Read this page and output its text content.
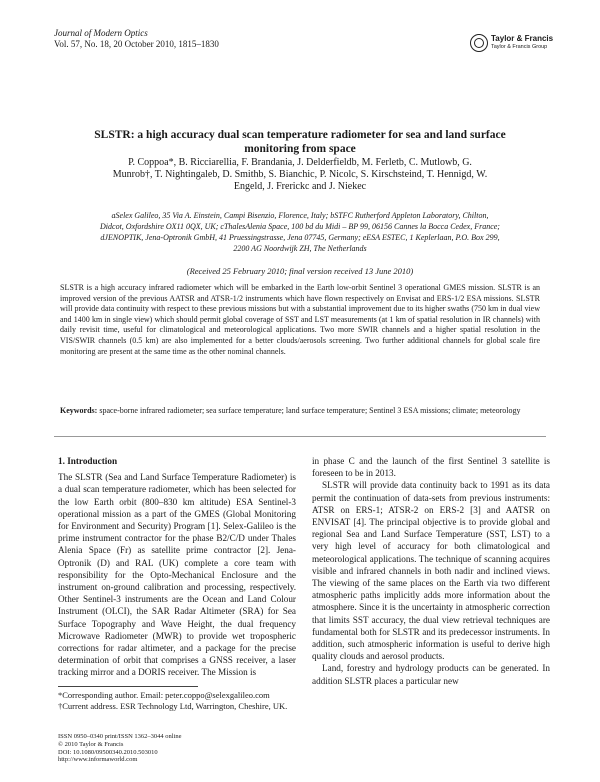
Journal of Modern Optics
Vol. 57, No. 18, 20 October 2010, 1815–1830
Taylor & Francis
Taylor & Francis Group
SLSTR: a high accuracy dual scan temperature radiometer for sea and land surface monitoring from space
P. Coppoa*, B. Ricciarellia, F. Brandania, J. Delderfieldb, M. Ferletb, C. Mutlowb, G. Munrob†, T. Nightingaleb, D. Smithb, S. Bianchic, P. Nicolc, S. Kirschsteind, T. Hennigd, W. Engeld, J. Frerickc and J. Niekec
aSelex Galileo, 35 Via A. Einstein, Campi Bisenzio, Florence, Italy; bSTFC Rutherford Appleton Laboratory, Chilton, Didcot, Oxfordshire OX11 0QX, UK; cThalesAlenia Space, 100 bd du Midi – BP 99, 06156 Cannes la Bocca Cedex, France; dJENOPTIK, Jena-Optronik GmbH, 41 Pruessingstrasse, Jena 07745, Germany; eESA ESTEC, 1 Keplerlaan, P.O. Box 299, 2200 AG Noordwijk ZH, The Netherlands
(Received 25 February 2010; final version received 13 June 2010)
SLSTR is a high accuracy infrared radiometer which will be embarked in the Earth low-orbit Sentinel 3 operational GMES mission. SLSTR is an improved version of the previous AATSR and ATSR-1/2 instruments which have flown respectively on Envisat and ERS-1/2 ESA missions. SLSTR will provide data continuity with respect to these previous missions but with a substantial improvement due to its higher swaths (750 km in dual view and 1400 km in single view) which should permit global coverage of SST and LST measurements (at 1 km of spatial resolution in IR channels) with daily revisit time, useful for climatological and meteorological applications. Two more SWIR channels and a higher spatial resolution in the VIS/SWIR channels (0.5 km) are also implemented for a better clouds/aerosols screening. Two further additional channels for global scale fire monitoring are present at the same time as the other nominal channels.
Keywords: space-borne infrared radiometer; sea surface temperature; land surface temperature; Sentinel 3 ESA missions; climate; meteorology

1. Introduction

The SLSTR (Sea and Land Surface Temperature Radiometer) is a dual scan temperature radiometer, which has been selected for the low Earth orbit (800–830 km altitude) ESA Sentinel-3 operational mission as a part of the GMES (Global Monitoring for Environment and Security) Program [1]. Selex-Galileo is the prime instrument contractor for the phase B2/C/D under Thales Alenia Space (Fr) as satellite prime contractor [2]. Jena-Optronik (D) and RAL (UK) complete a core team with responsibility for the Opto-Mechanical Enclosure and the instrument on-ground calibration and processing, respectively. Other Sentinel-3 instruments are the Ocean and Land Colour Instrument (OLCI), the SAR Radar Altimeter (SRA) for Sea Surface Topography and Wave Height, the dual frequency Microwave Radiometer (MWR) to provide wet tropospheric corrections for radar altimeter, and a package for the precise determination of orbit that comprises a GNSS receiver, a laser tracking mirror and a DORIS receiver. The Mission is

in phase C and the launch of the first Sentinel 3 satellite is foreseen to be in 2013.

SLSTR will provide data continuity back to 1991 as its data permit the continuation of data-sets from previous instruments: ATSR on ERS-1; ATSR-2 on ERS-2 [3] and AATSR on ENVISAT [4]. The principal objective is to provide global and regional Sea and Land Surface Temperature (SST, LST) to a very high level of accuracy for both climatological and meteorological applications. The technique of scanning acquires visible and infrared channels in both nadir and inclined views. The viewing of the same places on the Earth via two different atmospheric paths implicitly adds more information about the atmosphere. Since it is the uncertainty in atmospheric correction that limits SST accuracy, the dual view retrieval techniques are fundamental both for SLSTR and its predecessor instruments. In addition, such atmospheric information is useful to derive high quality clouds and aerosol products.

Land, forestry and hydrology products can be generated. In addition SLSTR places a particular new

*Corresponding author. Email: peter.coppo@selexgalileo.com
†Current address. ESR Technology Ltd, Warrington, Cheshire, UK.
ISSN 0950–0340 print/ISSN 1362–3044 online
© 2010 Taylor & Francis
DOI: 10.1080/09500340.2010.503010
http://www.informaworld.com
